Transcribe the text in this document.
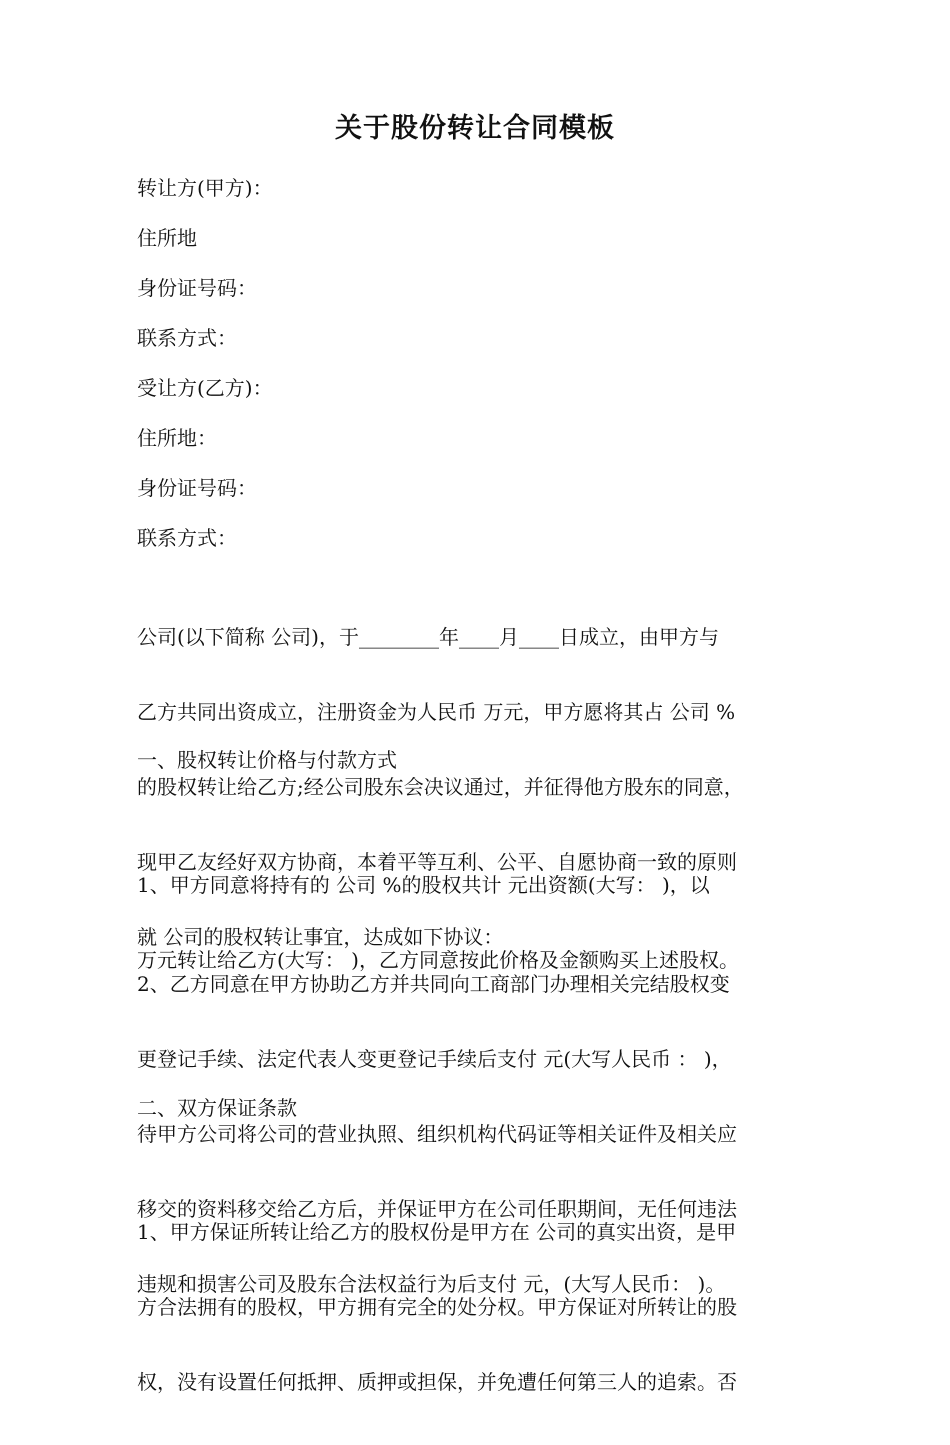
关于股份转让合同模板

转让方(甲方)：

住所地

身份证号码：

联系方式：

受让方(乙方)：

住所地：

身份证号码：

联系方式：

公司(以下简称 公司)，于________年____月____日成立，由甲方与

乙方共同出资成立，注册资金为人民币 万元，甲方愿将其占 公司 %

的股权转让给乙方;经公司股东会决议通过，并征得他方股东的同意，

现甲乙友经好双方协商，本着平等互利、公平、自愿协商一致的原则

就 公司的股权转让事宜，达成如下协议：

一、股权转让价格与付款方式

1、甲方同意将持有的 公司 %的股权共计 元出资额(大写： )，以

万元转让给乙方(大写： )，乙方同意按此价格及金额购买上述股权。

2、乙方同意在甲方协助乙方并共同向工商部门办理相关完结股权变

更登记手续、法定代表人变更登记手续后支付 元(大写人民币 ： )，

待甲方公司将公司的营业执照、组织机构代码证等相关证件及相关应

移交的资料移交给乙方后，并保证甲方在公司任职期间，无任何违法

违规和损害公司及股东合法权益行为后支付 元，(大写人民币： )。

二、双方保证条款

1、甲方保证所转让给乙方的股权份是甲方在 公司的真实出资，是甲

方合法拥有的股权，甲方拥有完全的处分权。甲方保证对所转让的股

权，没有设置任何抵押、质押或担保，并免遭任何第三人的追索。否
